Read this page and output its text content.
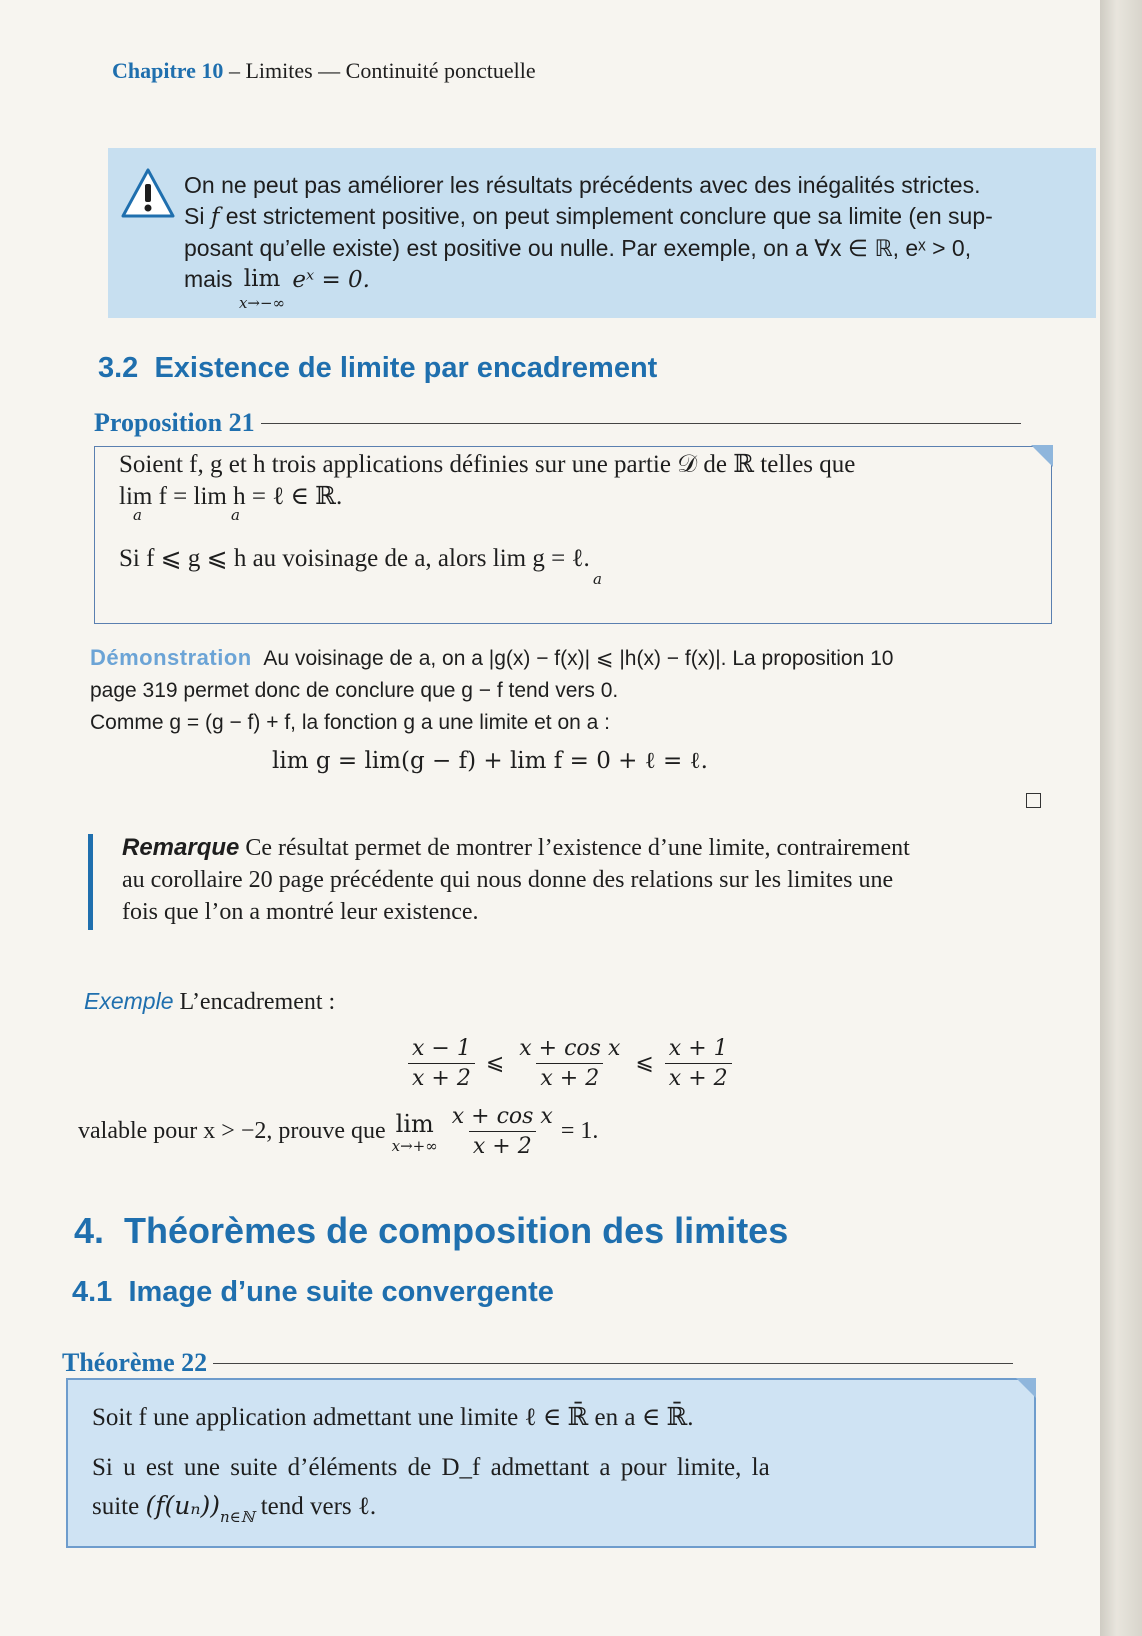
Chapitre 10 – Limites — Continuité ponctuelle
On ne peut pas améliorer les résultats précédents avec des inégalités strictes.
Si f est strictement positive, on peut simplement conclure que sa limite (en sup-
posant qu’elle existe) est positive ou nulle. Par exemple, on a ∀x ∈ ℝ, eˣ > 0,
mais lim
x→−∞
eˣ = 0.
3.2 Existence de limite par encadrement
Proposition 21
Soient f, g et h trois applications définies sur une partie 𝒟 de ℝ telles que
lim f = lim h = ℓ ∈ ℝ.
Si f ⩽ g ⩽ h au voisinage de a, alors lim g = ℓ.
a	a
a
Démonstration Au voisinage de a, on a |g(x) − f(x)| ⩽ |h(x) − f(x)|. La proposition 10
page 319 permet donc de conclure que g − f tend vers 0.
Comme g = (g − f) + f, la fonction g a une limite et on a :
lim g = lim(g − f) + lim f = 0 + ℓ = ℓ.
Remarque Ce résultat permet de montrer l’existence d’une limite, contrairement
au corollaire 20 page précédente qui nous donne des relations sur les limites une
fois que l’on a montré leur existence.
Exemple L’encadrement :
$\frac{x - 1}{x + 2}$ ⩽ $\frac{\text{x + cos x}}{x + 2}$ ⩽ $\frac{x + 1}{x + 2}$
valable pour x > −2, prouve que lim
$x\to+\infty \frac{\text{x + cos x}}{x + 2} = 1$.
4. Théorèmes de composition des limites
4.1 Image d’une suite convergente
Théorème 22
Soit f une application admettant une limite ℓ ∈ ℝ̄ en a ∈ ℝ̄.
Si u est une suite d’éléments de D_f admettant a pour limite, la
suite $(f(u_n))_{n\in ℕ}$ tend vers ℓ.
